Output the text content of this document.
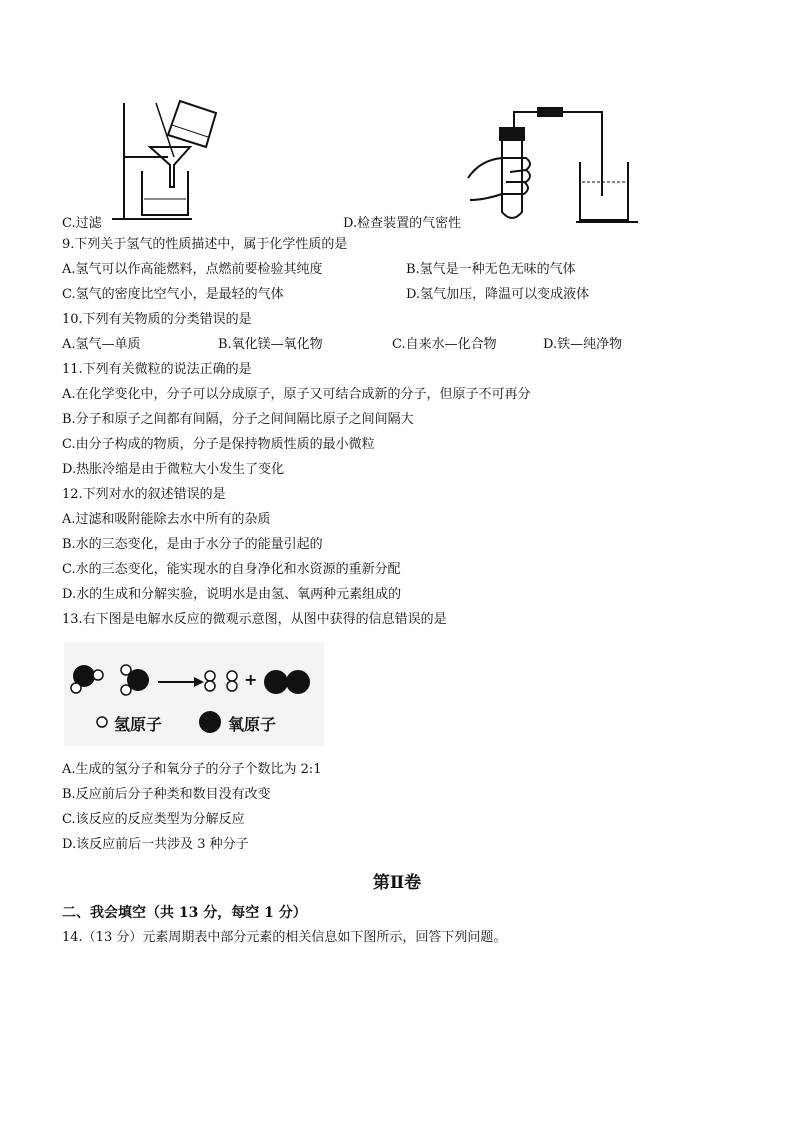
C.过滤	D.检查装置的气密性
9.下列关于氢气的性质描述中，属于化学性质的是
A.氢气可以作高能燃料，点燃前要检验其纯度	B.氢气是一种无色无味的气体
C.氢气的密度比空气小，是最轻的气体	D.氢气加压，降温可以变成液体
10.下列有关物质的分类错误的是
A.氢气—单质	B.氧化镁—氧化物	C.自来水—化合物	D.铁—纯净物
11.下列有关微粒的说法正确的是
A.在化学变化中，分子可以分成原子，原子又可结合成新的分子，但原子不可再分
B.分子和原子之间都有间隔，分子之间间隔比原子之间间隔大
C.由分子构成的物质，分子是保持物质性质的最小微粒
D.热胀冷缩是由于微粒大小发生了变化
12.下列对水的叙述错误的是
A.过滤和吸附能除去水中所有的杂质
B.水的三态变化，是由于水分子的能量引起的
C.水的三态变化，能实现水的自身净化和水资源的重新分配
D.水的生成和分解实验，说明水是由氢、氧两种元素组成的
13.右下图是电解水反应的微观示意图，从图中获得的信息错误的是
+
氢原子	氧原子
A.生成的氢分子和氧分子的分子个数比为 2:1
B.反应前后分子种类和数目没有改变
C.该反应的反应类型为分解反应
D.该反应前后一共涉及 3 种分子
第Ⅱ卷
二、我会填空（共 13 分，每空 1 分）
14.（13 分）元素周期表中部分元素的相关信息如下图所示，回答下列问题。
